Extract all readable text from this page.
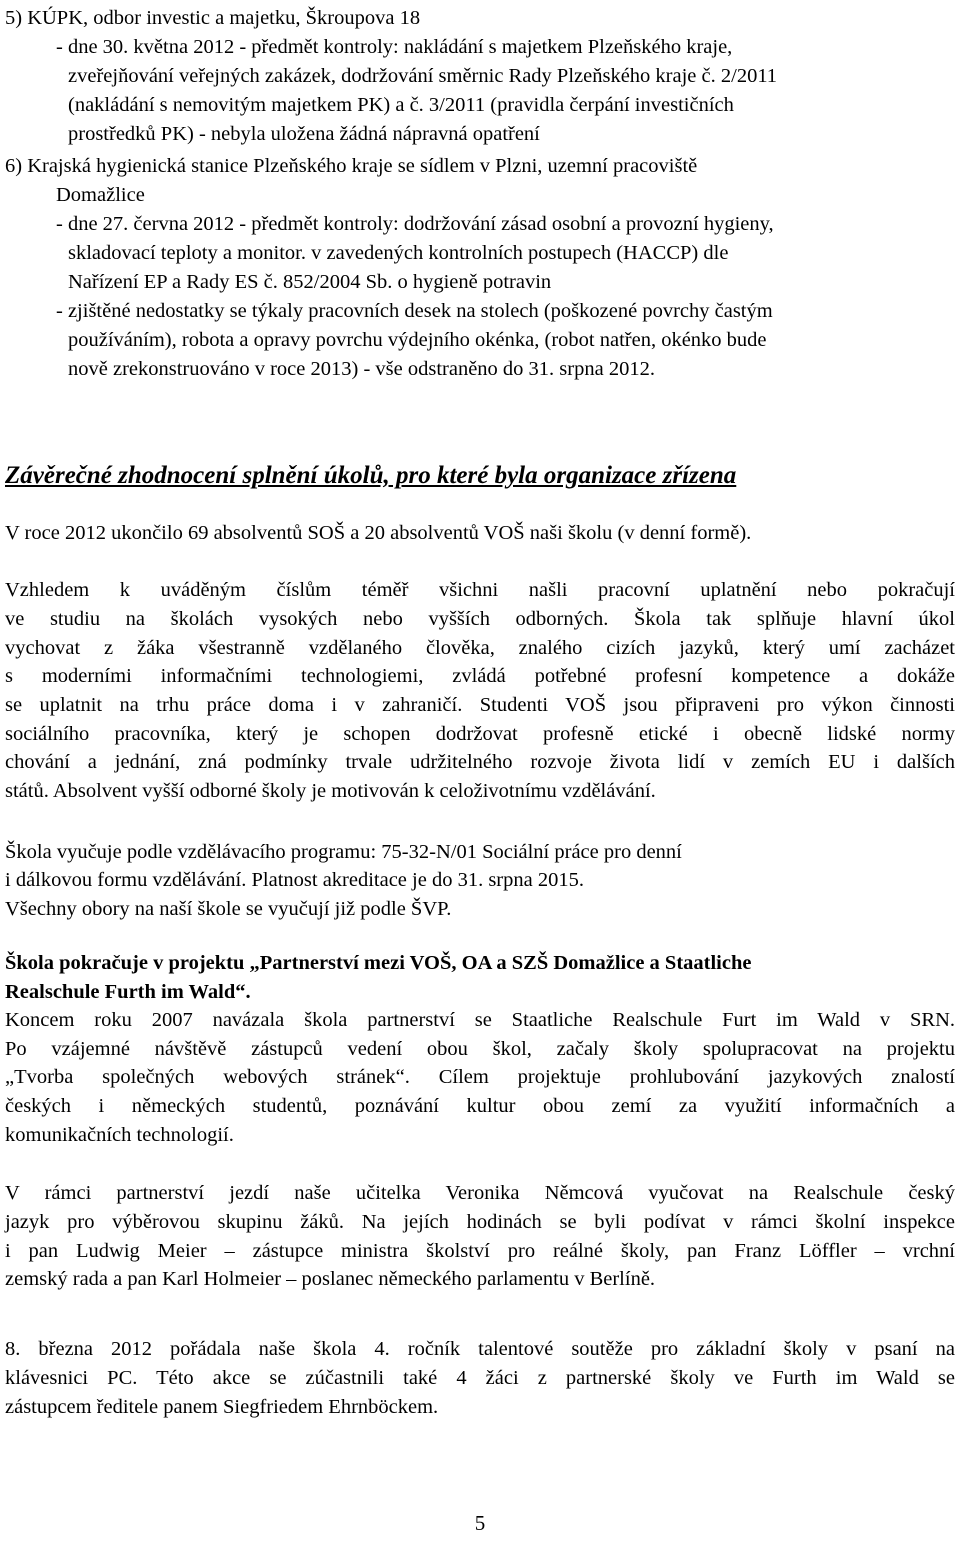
5) KÚPK, odbor investic a majetku, Škroupova 18
- dne 30. května 2012 - předmět kontroly: nakládání s majetkem Plzeňského kraje,
zveřejňování veřejných zakázek, dodržování směrnic Rady Plzeňského kraje č. 2/2011
(nakládání s nemovitým majetkem PK) a č. 3/2011 (pravidla čerpání investičních
prostředků PK) - nebyla uložena žádná nápravná opatření
6) Krajská hygienická stanice Plzeňského kraje se sídlem v Plzni, uzemní pracoviště
Domažlice
- dne 27. června 2012 - předmět kontroly: dodržování zásad osobní a provozní hygieny,
skladovací teploty a monitor. v zavedených kontrolních postupech (HACCP) dle
Nařízení EP a Rady ES č. 852/2004 Sb. o hygieně potravin
- zjištěné nedostatky se týkaly pracovních desek na stolech (poškozené povrchy častým
používáním), robota a opravy povrchu výdejního okénka, (robot natřen, okénko bude
nově zrekonstruováno v roce 2013) - vše odstraněno do 31. srpna 2012.
Závěrečné zhodnocení splnění úkolů, pro které byla organizace zřízena
V roce 2012 ukončilo 69 absolventů SOŠ a 20 absolventů VOŠ naši školu (v denní formě).
Vzhledem k uváděným číslům téměř všichni našli pracovní uplatnění nebo pokračují
ve studiu na školách vysokých nebo vyšších odborných. Škola tak splňuje hlavní úkol
vychovat z žáka všestranně vzdělaného člověka, znalého cizích jazyků, který umí zacházet
s moderními informačními technologiemi, zvládá potřebné profesní kompetence a dokáže
se uplatnit na trhu práce doma i v zahraničí. Studenti VOŠ jsou připraveni pro výkon činnosti
sociálního pracovníka, který je schopen dodržovat profesně etické i obecně lidské normy
chování a jednání, zná podmínky trvale udržitelného rozvoje života lidí v zemích EU i dalších
států. Absolvent vyšší odborné školy je motivován k celoživotnímu vzdělávání.
Škola vyučuje podle vzdělávacího programu: 75-32-N/01 Sociální práce pro denní
i dálkovou formu vzdělávání. Platnost akreditace je do 31. srpna 2015.
Všechny obory na naší škole se vyučují již podle ŠVP.
Škola pokračuje v projektu „Partnerství mezi VOŠ, OA a SZŠ Domažlice a Staatliche
Realschule Furth im Wald“.
Koncem roku 2007 navázala škola partnerství se Staatliche Realschule Furt im Wald v SRN.
Po vzájemné návštěvě zástupců vedení obou škol, začaly školy spolupracovat na projektu
„Tvorba společných webových stránek“. Cílem projektuje prohlubování jazykových znalostí
českých i německých studentů, poznávání kultur obou zemí za využití informačních a
komunikačních technologií.
V rámci partnerství jezdí naše učitelka Veronika Němcová vyučovat na Realschule český
jazyk pro výběrovou skupinu žáků. Na jejích hodinách se byli podívat v rámci školní inspekce
i pan Ludwig Meier – zástupce ministra školství pro reálné školy, pan Franz Löffler – vrchní
zemský rada a pan Karl Holmeier – poslanec německého parlamentu v Berlíně.
8. března 2012 pořádala naše škola 4. ročník talentové soutěže pro základní školy v psaní na
klávesnici PC. Této akce se zúčastnili také 4 žáci z partnerské školy ve Furth im Wald se
zástupcem ředitele panem Siegfriedem Ehrnböckem.
5
